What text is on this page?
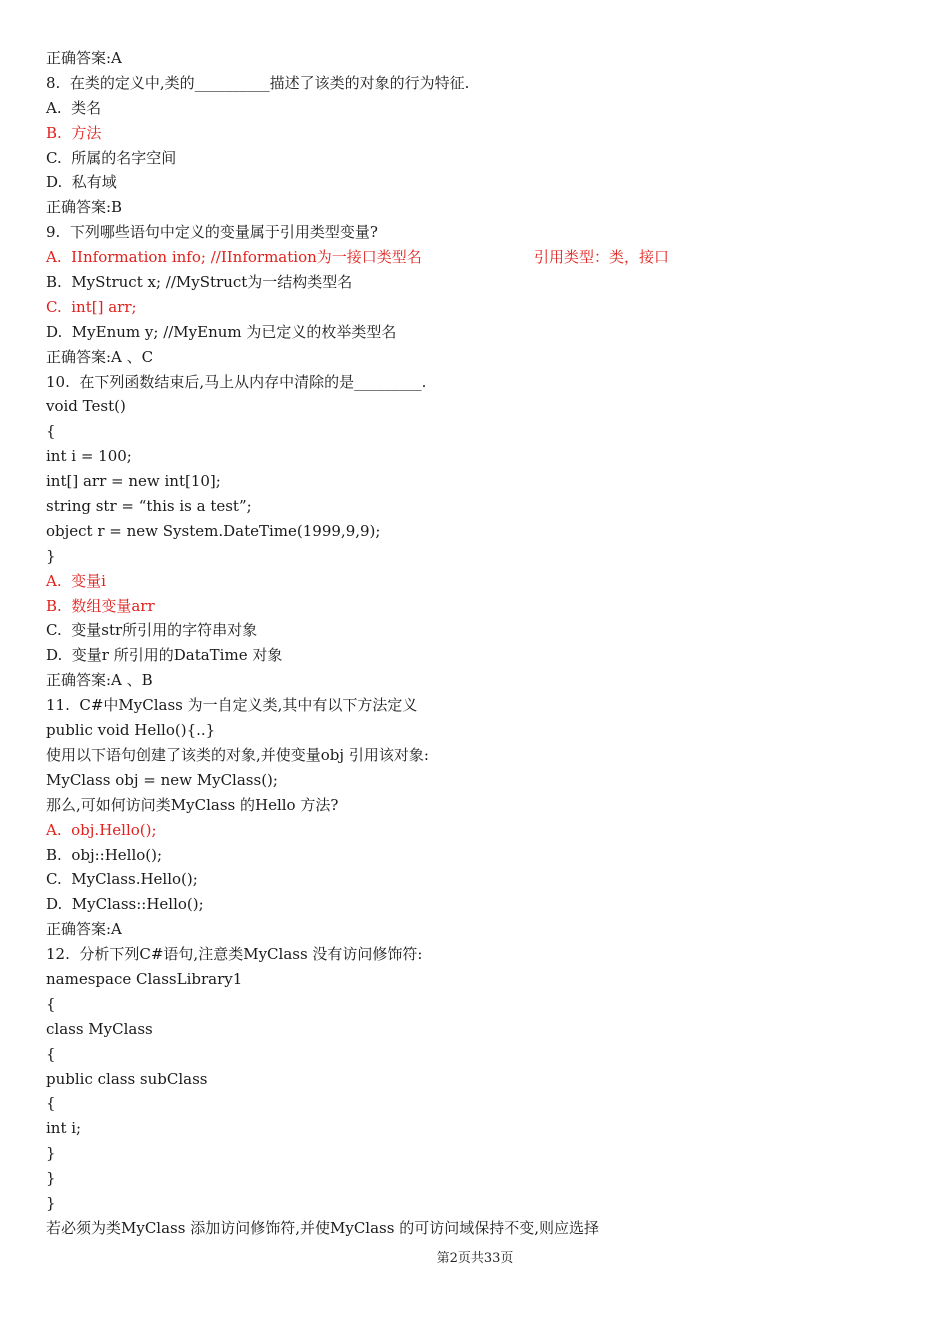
正确答案:A
8.  在类的定义中,类的__________描述了该类的对象的行为特征.
A.  类名
B.  方法
C.  所属的名字空间
D.  私有域
正确答案:B
9.  下列哪些语句中定义的变量属于引用类型变量?
A.  IInformation info; //IInformation为一接口类型名	引用类型：类，接口
B.  MyStruct x; //MyStruct为一结构类型名
C.  int[] arr;
D.  MyEnum y; //MyEnum 为已定义的枚举类型名
正确答案:A 、C
10.  在下列函数结束后,马上从内存中清除的是_________.
void Test()
{
int i = 100;
int[] arr = new int[10];
string str = “this is a test”;
object r = new System.DateTime(1999,9,9);
}
A.  变量i
B.  数组变量arr
C.  变量str所引用的字符串对象
D.  变量r 所引用的DataTime 对象
正确答案:A 、B
11.  C#中MyClass 为一自定义类,其中有以下方法定义
public void Hello(){..}
使用以下语句创建了该类的对象,并使变量obj 引用该对象:
MyClass obj = new MyClass();
那么,可如何访问类MyClass 的Hello 方法?
A.  obj.Hello();
B.  obj::Hello();
C.  MyClass.Hello();
D.  MyClass::Hello();
正确答案:A
12.  分析下列C#语句,注意类MyClass 没有访问修饰符:
namespace ClassLibrary1
{
class MyClass
{
public class subClass
{
int i;
}
}
}
若必须为类MyClass 添加访问修饰符,并使MyClass 的可访问域保持不变,则应选择
第2页共33页
